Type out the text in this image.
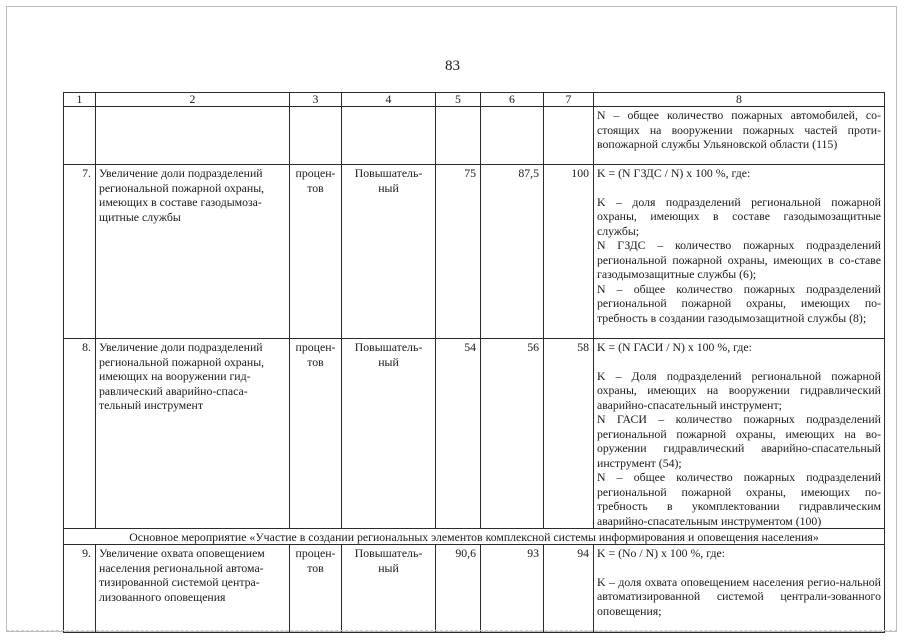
83
1	2	3	4	5	6	7	8
							N – общее количество пожарных автомобилей, со-стоящих на вооружении пожарных частей проти-вопожарной службы Ульяновской области (115)
7.	Увеличение доли подразделений региональной пожарной охраны, имеющих в составе газодымоза-щитные службы	процен-тов	Повышатель-ный	75	87,5	100	K = (N ГЗДС / N) x 100 %, где:
K – доля подразделений региональной пожарной охраны, имеющих в составе газодымозащитные службы;
N ГЗДС – количество пожарных подразделений региональной пожарной охраны, имеющих в со-ставе газодымозащитные службы (6);
N – общее количество пожарных подразделений региональной пожарной охраны, имеющих по-требность в создании газодымозащитной службы (8);

8.	Увеличение доли подразделений региональной пожарной охраны, имеющих на вооружении гид-равлический аварийно-спаса-тельный инструмент	процен-тов	Повышатель-ный	54	56	58	K = (N ГАСИ / N) x 100 %, где:
K – Доля подразделений региональной пожарной охраны, имеющих на вооружении гидравлический аварийно-спасательный инструмент;
N ГАСИ – количество пожарных подразделений региональной пожарной охраны, имеющих на во-оружении гидравлический аварийно-спасательный инструмент (54);
N – общее количество пожарных подразделений региональной пожарной охраны, имеющих по-требность в укомплектовании гидравлическим аварийно-спасательным инструментом (100)

Основное мероприятие «Участие в создании региональных элементов комплексной системы информирования и оповещения населения»							
9.	Увеличение охвата оповещением населения региональной автома-тизированной системой центра-лизованного оповещения	процен-тов	Повышатель-ный	90,6	93	94	K = (No / N) x 100 %, где:
K – доля охвата оповещением населения регио-нальной автоматизированной системой централи-зованного оповещения;
